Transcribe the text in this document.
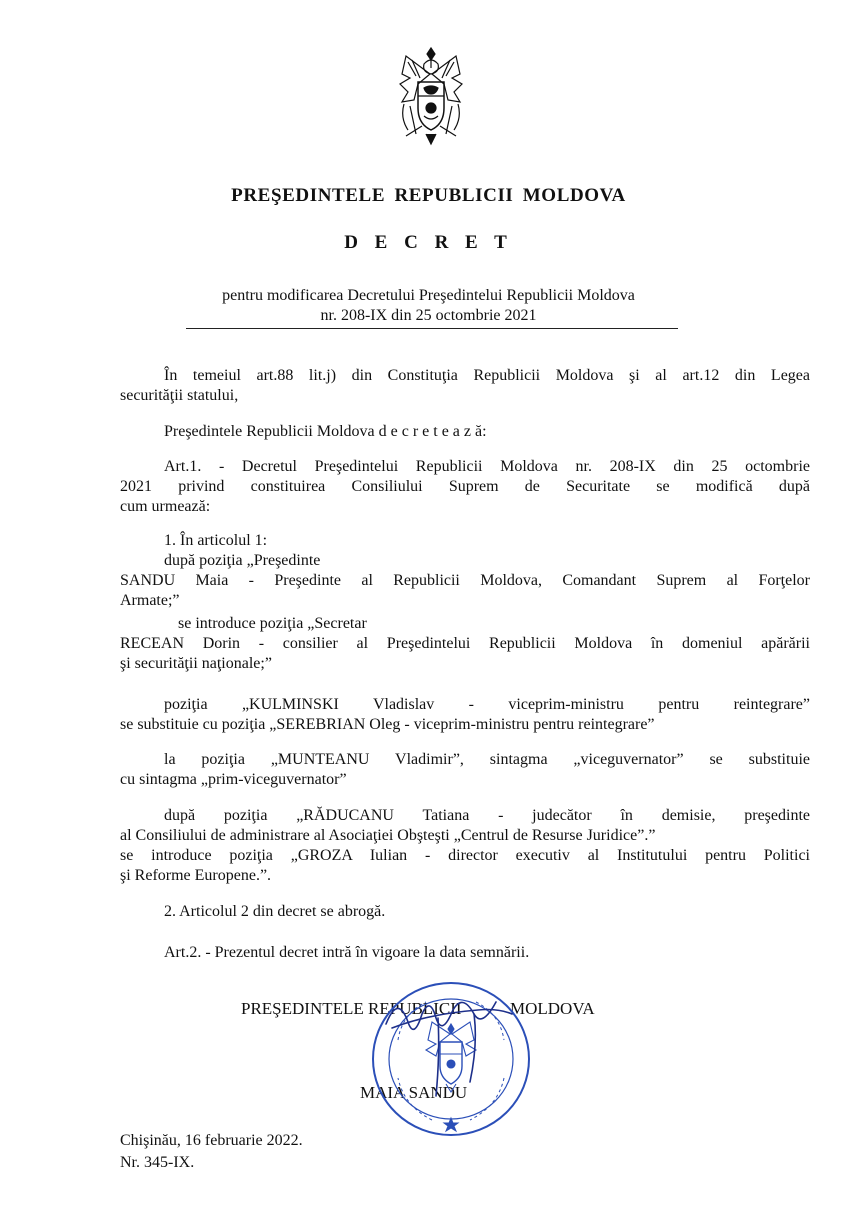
PREŞEDINTELE REPUBLICII MOLDOVA
D E C R E T
pentru modificarea Decretului Preşedintelui Republicii Moldova
nr. 208-IX din 25 octombrie 2021
În temeiul art.88 lit.j) din Constituţia Republicii Moldova şi al art.12 din Legea
securităţii statului,
Preşedintele Republicii Moldova d e c r e t e a z ă:
Art.1. - Decretul Preşedintelui Republicii Moldova nr. 208-IX din 25 octombrie
2021 privind constituirea Consiliului Suprem de Securitate se modifică după
cum urmează:
1. În articolul 1:
după poziţia „Preşedinte
SANDU Maia - Preşedinte al Republicii Moldova, Comandant Suprem al Forţelor
Armate;”
se introduce poziţia „Secretar
RECEAN Dorin - consilier al Preşedintelui Republicii Moldova în domeniul apărării
şi securităţii naţionale;”
poziţia „KULMINSKI Vladislav - viceprim-ministru pentru reintegrare”
se substituie cu poziţia „SEREBRIAN Oleg - viceprim-ministru pentru reintegrare”
la poziţia „MUNTEANU Vladimir”, sintagma „viceguvernator” se substituie
cu sintagma „prim-viceguvernator”
după poziţia „RĂDUCANU Tatiana - judecător în demisie, preşedinte
al Consiliului de administrare al Asociaţiei Obşteşti „Centrul de Resurse Juridice”.”
se introduce poziţia „GROZA Iulian - director executiv al Institutului pentru Politici
şi Reforme Europene.”.
2. Articolul 2 din decret se abrogă.
Art.2. - Prezentul decret intră în vigoare la data semnării.
PREŞEDINTELE REPUBLICII	MOLDOVA
MAIA SANDU
Chişinău, 16 februarie 2022.
Nr. 345-IX.
